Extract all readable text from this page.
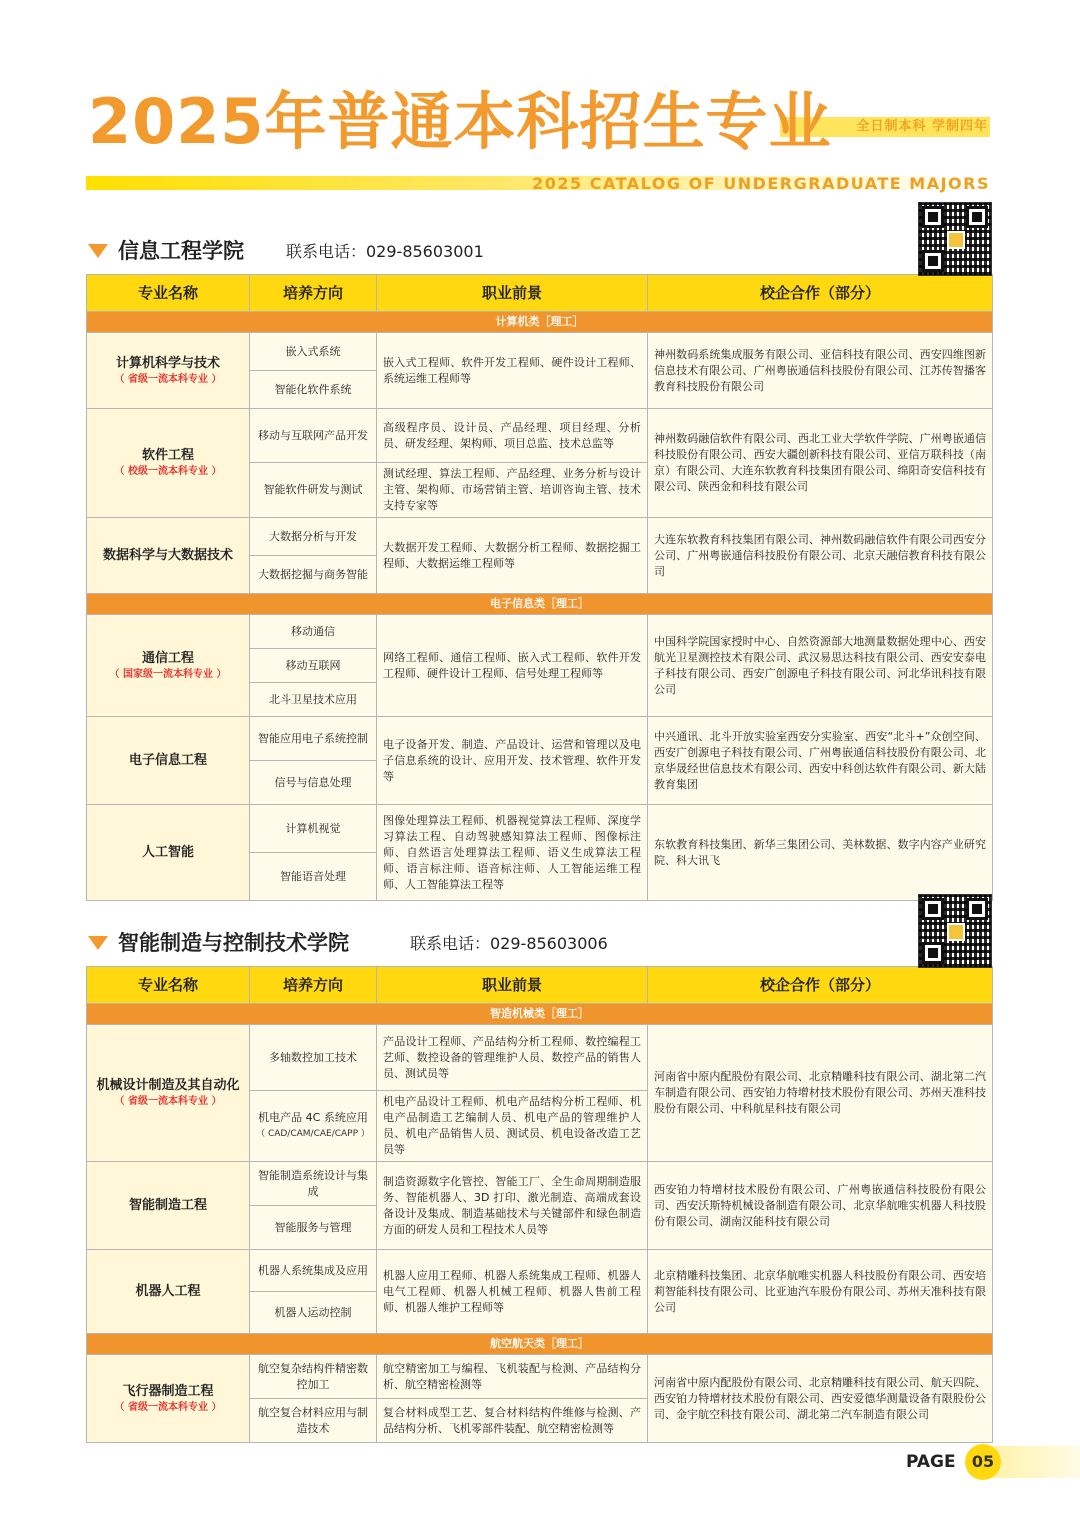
2025年普通本科招生专业 全日制本科 学制四年
2025 CATALOG OF UNDERGRADUATE MAJORS
信息工程学院	联系电话：029-85603001
专业名称	培养方向	职业前景	校企合作（部分）
计算机类［理工］			
计算机科学与技术
（ 省级一流本科专业 ）	嵌入式系统	嵌入式工程师、软件开发工程师、硬件设计工程师、系统运维工程师等	神州数码系统集成服务有限公司、亚信科技有限公司、西安四维图新信息技术有限公司、广州粤嵌通信科技股份有限公司、江苏传智播客教育科技股份有限公司
	智能化软件系统		
软件工程
（ 校级一流本科专业 ）	移动与互联网产品开发	高级程序员、设计员、产品经理、项目经理、分析员、研发经理、架构师、项目总监、技术总监等	神州数码融信软件有限公司、西北工业大学软件学院、广州粤嵌通信科技股份有限公司、西安大疆创新科技有限公司、亚信万联科技（南京）有限公司、大连东软教育科技集团有限公司、绵阳奇安信科技有限公司、陕西金和科技有限公司
	智能软件研发与测试	测试经理、算法工程师、产品经理、业务分析与设计主管、架构师、市场营销主管、培训咨询主管、技术支持专家等	
数据科学与大数据技术	大数据分析与开发	大数据开发工程师、大数据分析工程师、数据挖掘工程师、大数据运维工程师等	大连东软教育科技集团有限公司、神州数码融信软件有限公司西安分公司、广州粤嵌通信科技股份有限公司、北京天融信教育科技有限公司
	大数据挖掘与商务智能		
电子信息类［理工］			
通信工程
（ 国家级一流本科专业 ）	移动通信	网络工程师、通信工程师、嵌入式工程师、软件开发工程师、硬件设计工程师、信号处理工程师等	中国科学院国家授时中心、自然资源部大地测量数据处理中心、西安航光卫星测控技术有限公司、武汉易思达科技有限公司、西安安泰电子科技有限公司、西安广创源电子科技有限公司、河北华讯科技有限公司
	移动互联网		
	北斗卫星技术应用		
电子信息工程	智能应用电子系统控制	电子设备开发、制造、产品设计、运营和管理以及电子信息系统的设计、应用开发、技术管理、软件开发等	中兴通讯、北斗开放实验室西安分实验室、西安“北斗+”众创空间、西安广创源电子科技有限公司、广州粤嵌通信科技股份有限公司、北京华晟经世信息技术有限公司、西安中科创达软件有限公司、新大陆教育集团
	信号与信息处理		
人工智能	计算机视觉	图像处理算法工程师、机器视觉算法工程师、深度学习算法工程、自动驾驶感知算法工程师、图像标注师、自然语言处理算法工程师、语义生成算法工程师、语言标注师、语音标注师、人工智能运维工程师、人工智能算法工程等	东软教育科技集团、新华三集团公司、美林数据、数字内容产业研究院、科大讯飞
	智能语音处理		
智能制造与控制技术学院	联系电话：029-85603006
专业名称	培养方向	职业前景	校企合作（部分）
智造机械类［理工］			
机械设计制造及其自动化
（ 省级一流本科专业 ）	多轴数控加工技术	产品设计工程师、产品结构分析工程师、数控编程工艺师、数控设备的管理维护人员、数控产品的销售人员、测试员等	河南省中原内配股份有限公司、北京精雕科技有限公司、湖北第二汽车制造有限公司、西安铂力特增材技术股份有限公司、苏州天准科技股份有限公司、中科航星科技有限公司
	机电产品 4C 系统应用
（ CAD/CAM/CAE/CAPP ）	机电产品设计工程师、机电产品结构分析工程师、机电产品制造工艺编制人员、机电产品的管理维护人员、机电产品销售人员、测试员、机电设备改造工艺员等	
智能制造工程	智能制造系统设计与集成	制造资源数字化管控、智能工厂、全生命周期制造服务、智能机器人、3D 打印、激光制造、高端成套设备设计及集成、制造基础技术与关键部件和绿色制造方面的研发人员和工程技术人员等	西安铂力特增材技术股份有限公司、广州粤嵌通信科技股份有限公司、西安沃斯特机械设备制造有限公司、北京华航唯实机器人科技股份有限公司、湖南汉能科技有限公司
	智能服务与管理		
机器人工程	机器人系统集成及应用	机器人应用工程师、机器人系统集成工程师、机器人电气工程师、机器人机械工程师、机器人售前工程师、机器人维护工程师等	北京精雕科技集团、北京华航唯实机器人科技股份有限公司、西安培莉智能科技有限公司、比亚迪汽车股份有限公司、苏州天准科技有限公司
	机器人运动控制		
航空航天类［理工］			
飞行器制造工程
（ 省级一流本科专业 ）	航空复杂结构件精密数控加工	航空精密加工与编程、飞机装配与检测、产品结构分析、航空精密检测等	河南省中原内配股份有限公司、北京精雕科技有限公司、航天四院、西安铂力特增材技术股份有限公司、西安爱德华测量设备有限股份公司、金宇航空科技有限公司、湖北第二汽车制造有限公司
	航空复合材料应用与制造技术	复合材料成型工艺、复合材料结构件维修与检测、产品结构分析、飞机零部件装配、航空精密检测等	
PAGE	05
